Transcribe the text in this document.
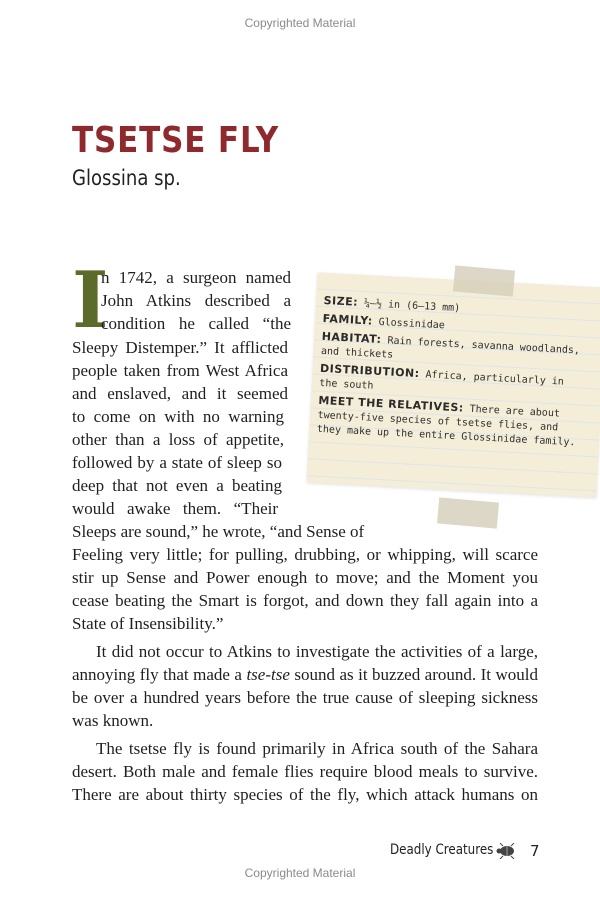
Copyrighted Material
TSETSE FLY
Glossina sp.
I
n 1742, a surgeon named
John Atkins described a
condition he called “the
Sleepy Distemper.” It afflicted
people taken from West Africa
and enslaved, and it seemed
to come on with no warning
other than a loss of appetite,
followed by a state of sleep so
deep that not even a beating
would awake them. “Their
Sleeps are sound,” he wrote, “and Sense of
Feeling very little; for pulling, drubbing, or whipping, will scarce
stir up Sense and Power enough to move; and the Moment you
cease beating the Smart is forgot, and down they fall again into a
State of Insensibility.”
It did not occur to Atkins to investigate the activities of a large,
annoying fly that made a tse-tse sound as it buzzed around. It would
be over a hundred years before the true cause of sleeping sickness
was known.
The tsetse fly is found primarily in Africa south of the Sahara
desert. Both male and female flies require blood meals to survive.
There are about thirty species of the fly, which attack humans on
SIZE: ¼–½ in (6–13 mm)
FAMILY: Glossinidae
HABITAT: Rain forests, savanna woodlands, and thickets
DISTRIBUTION: Africa, particularly in the south
MEET THE RELATIVES: There are about twenty-five species of tsetse flies, and they make up the entire Glossinidae family.
Deadly Creatures 7
Copyrighted Material
